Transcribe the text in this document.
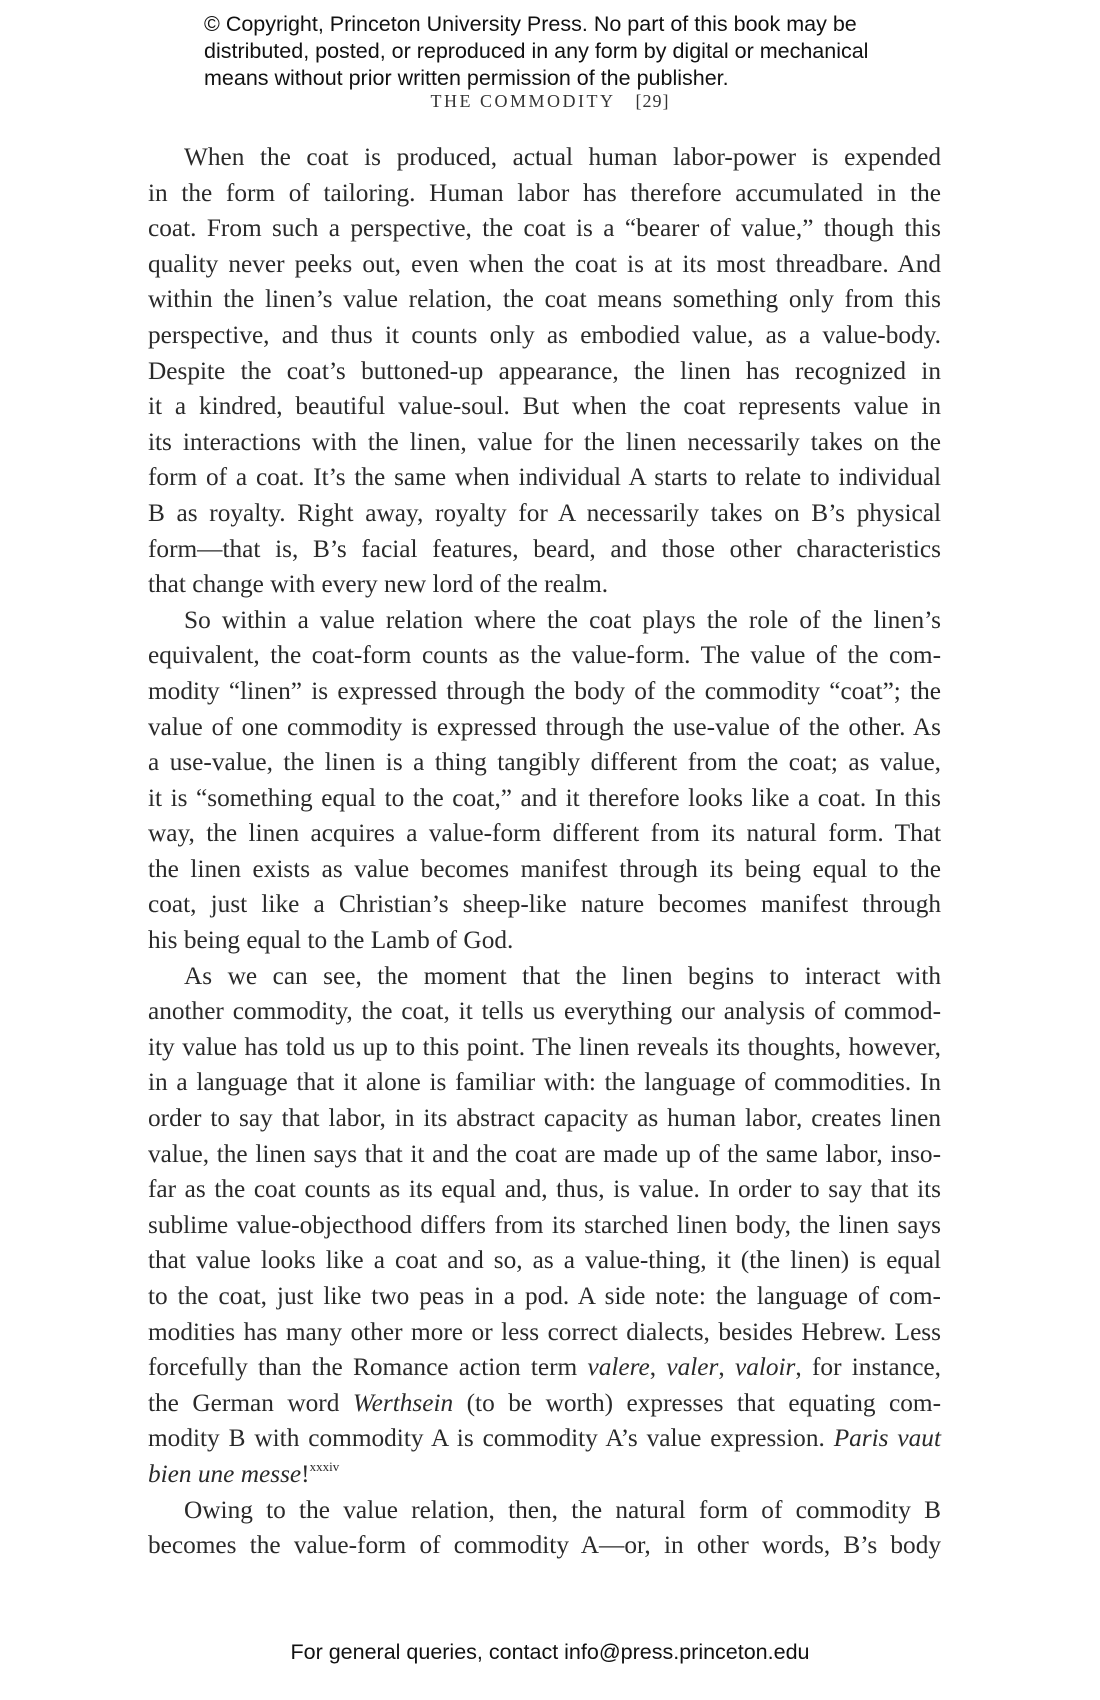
© Copyright, Princeton University Press. No part of this book may be
distributed, posted, or reproduced in any form by digital or mechanical
means without prior written permission of the publisher.
THE COMMODITY [29]
When the coat is produced, actual human labor-power is expended
in the form of tailoring. Human labor has therefore accumulated in the
coat. From such a perspective, the coat is a “bearer of value,” though this
quality never peeks out, even when the coat is at its most threadbare. And
within the linen’s value relation, the coat means something only from this
perspective, and thus it counts only as embodied value, as a value-body.
Despite the coat’s buttoned-up appearance, the linen has recognized in
it a kindred, beautiful value-soul. But when the coat represents value in
its interactions with the linen, value for the linen necessarily takes on the
form of a coat. It’s the same when individual A starts to relate to individual
B as royalty. Right away, royalty for A necessarily takes on B’s physical
form—that is, B’s facial features, beard, and those other characteristics
that change with every new lord of the realm.
So within a value relation where the coat plays the role of the linen’s
equivalent, the coat-form counts as the value-form. The value of the com-
modity “linen” is expressed through the body of the commodity “coat”; the
value of one commodity is expressed through the use-value of the other. As
a use-value, the linen is a thing tangibly different from the coat; as value,
it is “something equal to the coat,” and it therefore looks like a coat. In this
way, the linen acquires a value-form different from its natural form. That
the linen exists as value becomes manifest through its being equal to the
coat, just like a Christian’s sheep-like nature becomes manifest through
his being equal to the Lamb of God.
As we can see, the moment that the linen begins to interact with
another commodity, the coat, it tells us everything our analysis of commod-
ity value has told us up to this point. The linen reveals its thoughts, however,
in a language that it alone is familiar with: the language of commodities. In
order to say that labor, in its abstract capacity as human labor, creates linen
value, the linen says that it and the coat are made up of the same labor, inso-
far as the coat counts as its equal and, thus, is value. In order to say that its
sublime value-objecthood differs from its starched linen body, the linen says
that value looks like a coat and so, as a value-thing, it (the linen) is equal
to the coat, just like two peas in a pod. A side note: the language of com-
modities has many other more or less correct dialects, besides Hebrew. Less
forcefully than the Romance action term valere, valer, valoir, for instance,
the German word Werthsein (to be worth) expresses that equating com-
modity B with commodity A is commodity A’s value expression. Paris vaut
bien une messe!$^{xxxiv}$
Owing to the value relation, then, the natural form of commodity B
becomes the value-form of commodity A—or, in other words, B’s body
For general queries, contact info@press.princeton.edu
